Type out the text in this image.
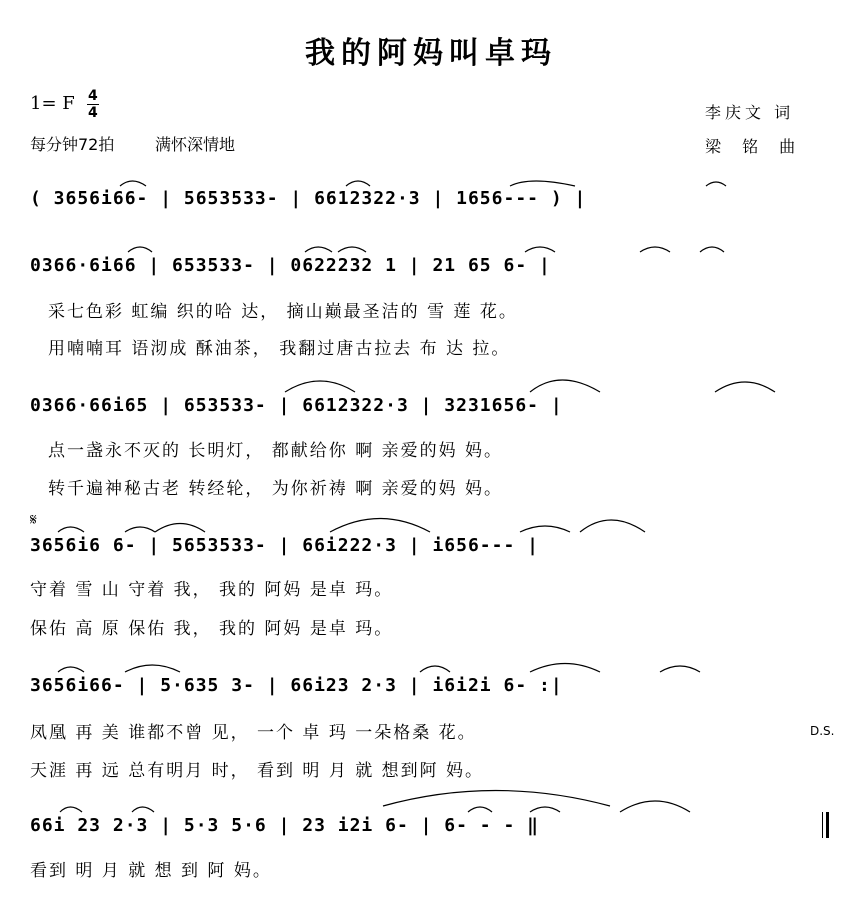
我的阿妈叫卓玛
1= F 4
4
每分钟72拍	满怀深情地
李庆文 词
梁 铭 曲
( 3656i66- | 5653533- | 6612322·3 | 1656--- ) |
0366·6i66 | 653533- | 0622232 1 | 21 65 6- |
采七色彩 虹编 织的哈 达， 摘山巅最圣洁的 雪 莲 花。
用喃喃耳 语沏成 酥油茶， 我翻过唐古拉去 布 达 拉。
0366·66i65 | 653533- | 6612322·3 | 3231656- |
点一盏永不灭的 长明灯， 都献给你 啊 亲爱的妈 妈。
转千遍神秘古老 转经轮， 为你祈祷 啊 亲爱的妈 妈。
𝄋
3656i6 6- | 5653533- | 66i222·3 | i656--- |
守着 雪 山 守着 我， 我的 阿妈 是卓 玛。
保佑 高 原 保佑 我， 我的 阿妈 是卓 玛。
3656i66- | 5·635 3- | 66i23 2·3 | i6i2i 6- :|
凤凰 再 美 谁都不曾 见， 一个 卓 玛 一朵格桑 花。	D.S.
天涯 再 远 总有明月 时， 看到 明 月 就 想到阿 妈。
66i 23 2·3 | 5·3 5·6 | 23 i2i 6- | 6- - - ‖
看到 明 月 就 想 到 阿 妈。
